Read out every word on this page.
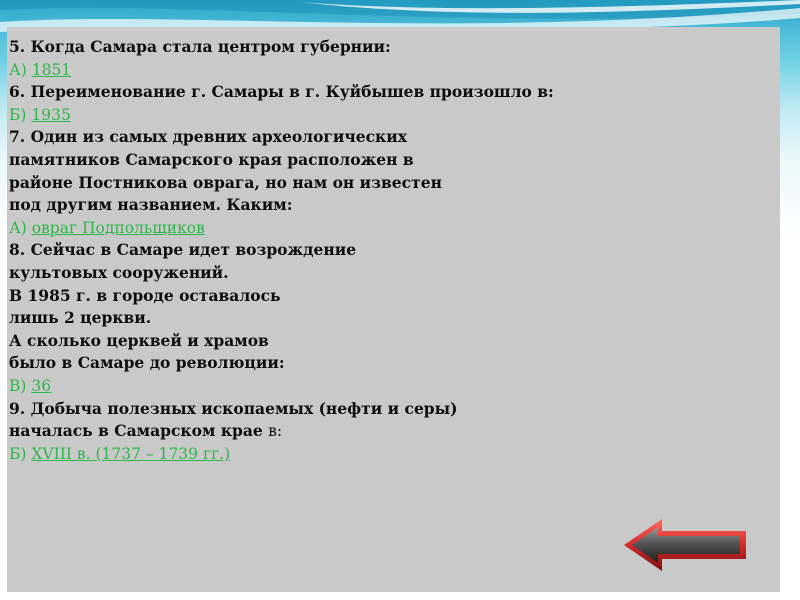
5. Когда Самара стала центром губернии:
А) 1851
6. Переименование г. Самары в г. Куйбышев произошло в:
Б) 1935
7. Один из самых древних археологических
памятников Самарского края расположен в
районе Постникова оврага, но нам он известен
под другим названием. Каким:
А) овраг Подпольщиков
8. Сейчас в Самаре идет возрождение
культовых сооружений.
В 1985 г. в городе оставалось
лишь 2 церкви.
А сколько церквей и храмов
было в Самаре до революции:
В) 36
9. Добыча полезных ископаемых (нефти и серы)
началась в Самарском крае в:
Б) XVIII в. (1737 – 1739 гг.)
